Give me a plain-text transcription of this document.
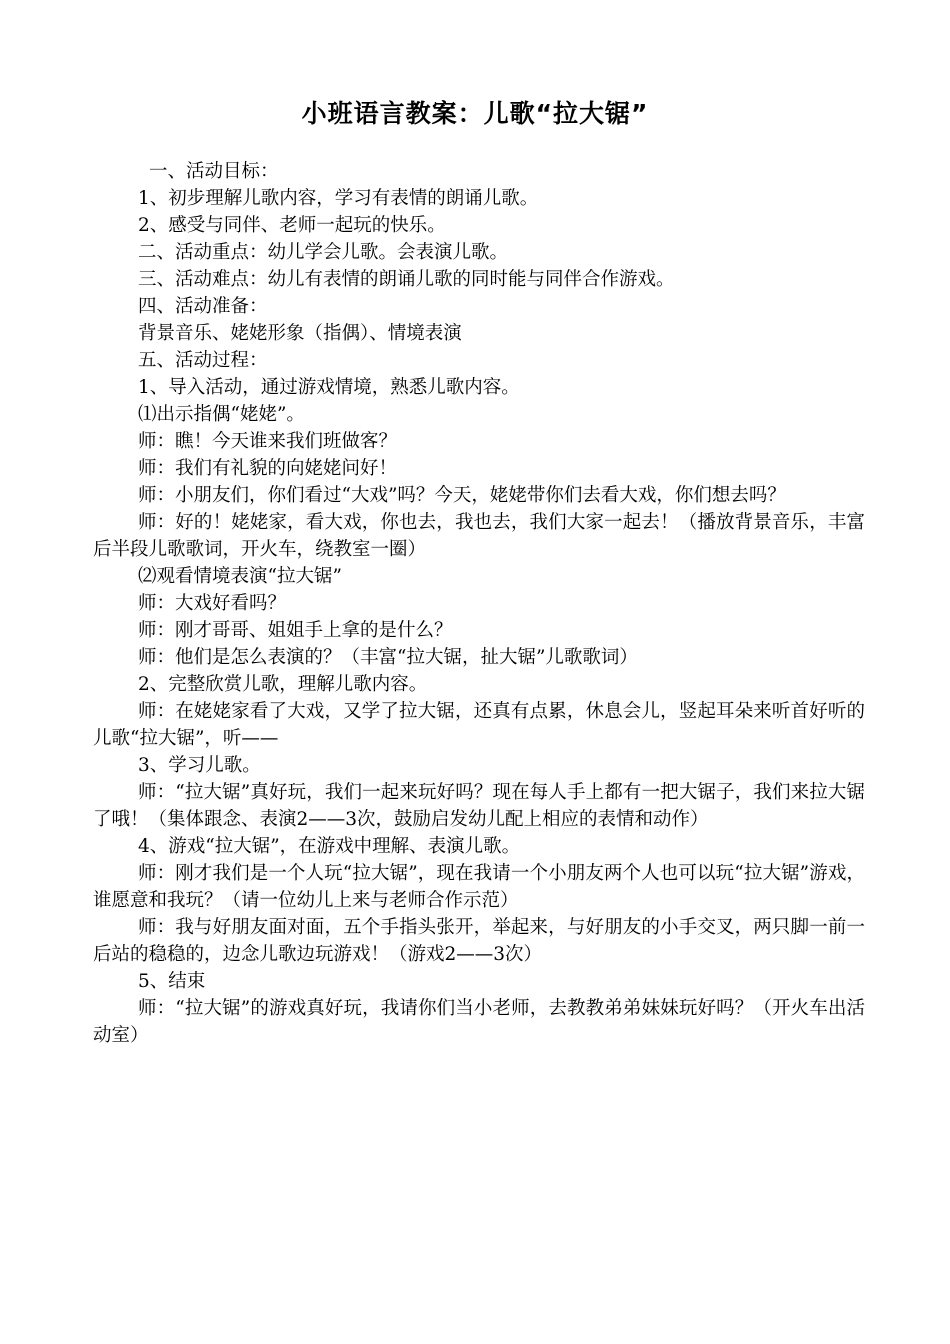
小班语言教案：儿歌“拉大锯”

一、活动目标：

1、初步理解儿歌内容，学习有表情的朗诵儿歌。

2、感受与同伴、老师一起玩的快乐。

二、活动重点：幼儿学会儿歌。会表演儿歌。

三、活动难点：幼儿有表情的朗诵儿歌的同时能与同伴合作游戏。

四、活动准备：

背景音乐、姥姥形象（指偶）、情境表演

五、活动过程：

1、导入活动，通过游戏情境，熟悉儿歌内容。

⑴出示指偶“姥姥”。

师：瞧！今天谁来我们班做客？

师：我们有礼貌的向姥姥问好！

师：小朋友们，你们看过“大戏”吗？今天，姥姥带你们去看大戏，你们想去吗？

师：好的！姥姥家，看大戏，你也去，我也去，我们大家一起去！（播放背景音乐，丰富后半段儿歌歌词，开火车，绕教室一圈）

⑵观看情境表演“拉大锯”

师：大戏好看吗？

师：刚才哥哥、姐姐手上拿的是什么？

师：他们是怎么表演的？（丰富“拉大锯，扯大锯”儿歌歌词）

2、完整欣赏儿歌，理解儿歌内容。

师：在姥姥家看了大戏，又学了拉大锯，还真有点累，休息会儿，竖起耳朵来听首好听的儿歌“拉大锯”，听——

3、学习儿歌。

师：“拉大锯”真好玩，我们一起来玩好吗？现在每人手上都有一把大锯子，我们来拉大锯了哦！（集体跟念、表演2——3次，鼓励启发幼儿配上相应的表情和动作）

4、游戏“拉大锯”，在游戏中理解、表演儿歌。

师：刚才我们是一个人玩“拉大锯”，现在我请一个小朋友两个人也可以玩“拉大锯”游戏，谁愿意和我玩？（请一位幼儿上来与老师合作示范）

师：我与好朋友面对面，五个手指头张开，举起来，与好朋友的小手交叉，两只脚一前一后站的稳稳的，边念儿歌边玩游戏！（游戏2——3次）

5、结束

师：“拉大锯”的游戏真好玩，我请你们当小老师，去教教弟弟妹妹玩好吗？（开火车出活动室）
